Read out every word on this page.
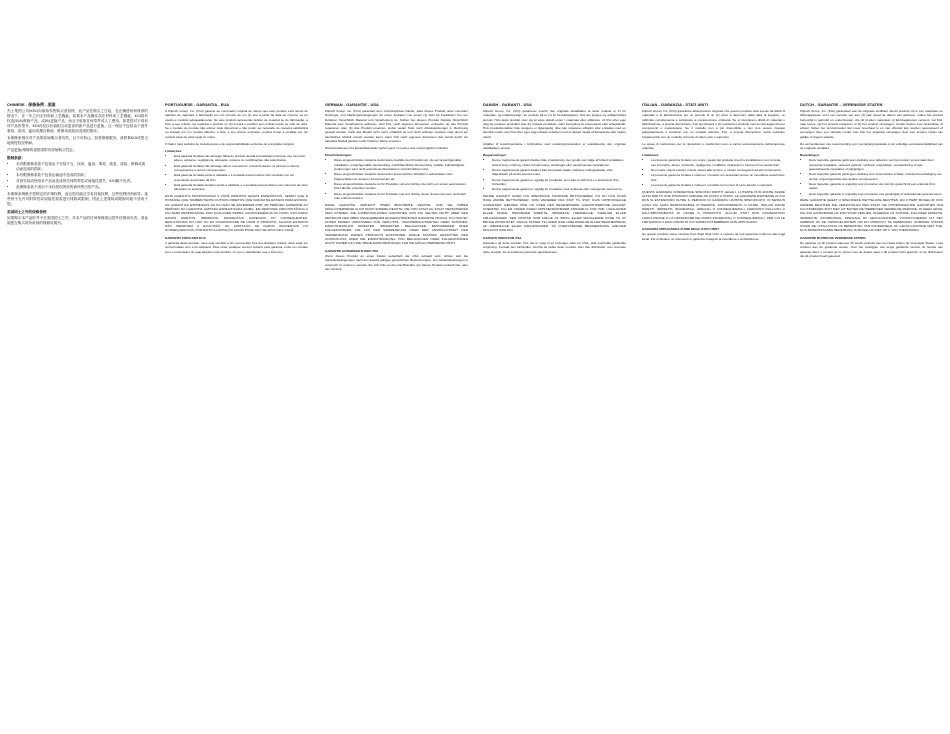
CHINESE - 保修条例 - 美国

杰士集团公司(KGI)向原始零售购买者担保，此产品在购买之日起，在正确使用和保养的情况下，在一年之内无材料和工艺瑕疵。如果本产品确实存在材料或工艺瑕疵，KGI将有权选择(A)维修产品，或(B)更换产品，而且不收取任何零件或人工费用。如果您对不再有该产品的型号，KGI有权以价值相当或更高的新产品进行更换。这一保证不包括由于意外事故、误用、滥用或擅自修改、维修或改装而造成的损坏。

本保修条例仅对产品的原始购买者有效，且不可转让。如需保修服务，请联系KGI或您当地的授权经销商。

产品更换/维修的索赔须附有原始购买凭证。

限制条款：
• 本有限保修条款不包括由于安装不当、误用、滥用、事故、疏忽、改装、维修或改动而造成的损坏。
• 本有限保修条款不包括运输途中造成的损坏。
• 对因安装或使用本产品而造成的任何附带性或间接性损失，KGI概不负责。
• 此保修条款不适用于未经授权的转售商所售出的产品。

本保修条例赋予您特定的法律权利，而且您可能还享有其他权利，这些权利因州而异。某些州不允许对附带性或间接性损害进行排除或限制，因此上述排除或限制可能不适用于您。

美国国土之外的保修条例

如果购买本产品时并不在美国国土之内，对本产品的任何保修将由国外经销商负责。请参阅您在购买时所收到的保修说明书。

PORTUGUESE - GARANTIA - EUA

A Klipsch Group, Inc. (KGI) garante ao comprador original de varejo que este produto está isento de defeitos de materiais e fabricação por um período de um (1) ano a partir da data de compra, se for usado e mantido adequadamente. Se este produto apresentar defeito de material ou de fabricação, a KGI, a seu critério, (a) reparará o produto ou (b) trocará o produto sem cobrar peças ou mão de obra. Se o modelo do produto não estiver mais disponível e não puder ser reparado de maneira satisfatória ou trocado por um modelo idêntico, a KGI, a seu critério exclusivo, poderá trocar a unidade por um modelo atual de valor igual ou maior.

O fiador para pedidos de troca/reparos e de responsabilidade exclusiva do comprador original.

Limitações:
• Esta garantia limitada não abrange falha do produto devida à instalação incorreta, uso incorreto, abuso, acidente, negligência, alteração, reparos ou modificações não autorizados.
• Esta garantia limitada não abrange danos cosméticos, incluindo danos na pintura ou danos consequentes a outros componentes.
• Esta garantia limitada perde a validade e é anulada para produtos não vendidos por um revendedor autorizado da KGI.
• Esta garantia limitada também perde a validade e é anulada para produtos com números de série alterados ou ausentes.

ESTA GARANTIA PROPORCIONA A VOCÊ DIREITOS LEGAIS ESPECÍFICOS, SENDO QUE É POSSÍVEL QUE TAMBÉM TENHA OUTROS DIREITOS QUE VARIAM DE ESTADO PARA ESTADO. AS GARANTIAS EXPRESSAS DA KGI NÃO SE ESTENDEM POR UM PERÍODO SUPERIOR AO PERÍODO DA GARANTIA LIMITADA ESPECIFICADA ACIMA. EM NENHUMA CIRCUNSTÂNCIA A KGI SERÁ RESPONSÁVEL POR QUALQUER PERDA, INCONVENIÊNCIA OU DANO, INCLUINDO DANOS DIRETOS, INDIRETOS, INCIDENTAIS, ESPECIAIS OU CONSEQUENTES, RESULTANTES DO USO OU DA INCAPACIDADE DE USAR O PRODUTO. ALGUNS ESTADOS NÃO PERMITEM A EXCLUSÃO OU LIMITAÇÃO DE DANOS INCIDENTAIS OU CONSEQUENCIAIS, PORTANTO A LIMITAÇÃO ACIMA PODE NÃO SE APLICAR A VOCÊ.

GARANTIA FORA DOS EUA

A garantia deste produto, caso seja vendido a um consumidor fora dos Estados Unidos, deve estar em conformidade com a lei aplicável. Para obter qualquer serviço coberto pela garantia, entre em contato com o revendedor do qual adquiriu este produto, ou com o distribuidor que o forneceu.

GERMAN - GARANTIE - USA

Klipsch Group, Inc. (KGI) garantiert dem ursprünglichen Käufer, dass dieses Produkt unter normalen Nutzungs- und Wartungsbedingungen für einen Zeitraum von einem (1) Jahr ab Kaufdatum frei von Defekten hinsichtlich Material und Verarbeitung ist. Sollten bei diesem Produkt Defekte hinsichtlich Material oder Verarbeitung auftreten, wird KGI, nach eigenem Ermessen, entweder (a) das Produkt reparieren oder (b) das Produkt ersetzen, wobei weder Teile noch Arbeitsleistungen in Rechnung gestellt werden. Falls das Modell nicht mehr erhältlich ist und nicht wirksam repariert oder durch ein identisches Modell ersetzt werden kann, kann KGI nach eigenem Ermessen das Gerät durch ein aktuelles Modell gleichen oder höheren Werts ersetzen.

Rücksendekosten für Ersatz/Reparatur gehen ganz zu Lasten des ursprünglichen Käufers.

Einschränkungen:
• Diese eingeschränkte Garantie deckt keine Ausfälle des Produkts ab, die auf unsachgemäße Installation, unsachgemäße Verwendung, missbräuchliche Verwendung, Unfälle, Fahrlässigkeit, Änderungen oder nicht autorisierte Reparaturen zurückzuführen sind.
• Diese eingeschränkte Garantie deckt keine kosmetischen Schäden, Lackschäden oder Folgeschäden an anderen Komponenten ab.
• Diese eingeschränkte Garantie ist für Produkte null und nichtig, die nicht von einem autorisierten KGI-Händler erworben wurden.
• Diese eingeschränkte Garantie ist für Produkte null und nichtig, deren Seriennummern verändert oder entfernt wurden.

DIESE GARANTIE VERLEIHT IHNEN BESTIMMTE RECHTE, UND SIE HABEN MÖGLICHERWEISE AUCH NOCH ANDERE RECHTE, DIE VON STAAT ZU STAAT VERSCHIEDEN SEIN KÖNNEN. DIE AUSDRÜCKLICHEN GARANTIEN VON KGI GELTEN NICHT ÜBER DEN ZEITRAUM DER OBEN ANGEGEBENEN EINGESCHRÄNKTEN GARANTIE HINAUS. KGI HAFTET UNTER KEINEN UMSTÄNDEN FÜR VERLUSTE, UNANNEHMLICHKEITEN ODER SCHÄDEN, EINSCHLIESSLICH DIREKTER, INDIREKTER, BEILÄUFIGER, BESONDERER ODER FOLGESCHÄDEN, DIE AUS DER VERWENDUNG ODER DER UNMÖGLICHKEIT DER VERWENDUNG DIESES PRODUKTS ENTSTEHEN. EINIGE STAATEN GESTATTEN DEN AUSSCHLUSS ODER DIE EINSCHRÄNKUNG VON BEILÄUFIGEN ODER FOLGESCHÄDEN NICHT, DAHER GILT DIE OBIGE EINSCHRÄNKUNG FÜR SIE MÖGLICHERWEISE NICHT.

GARANTIE AUSSERHALB DER USA

Wenn dieses Produkt an einen Käufer außerhalb der USA verkauft wird, richten sich die Garantiebedingungen nach den jeweils gültigen gesetzlichen Bestimmungen. Um Garantieleistungen in Anspruch zu nehmen, wenden Sie sich bitte an den Fachhändler, der dieses Produkt verkauft hat, oder den Vertrieb.

DANISH - GARANTI - USA

Klipsch Group, Inc. (KGI) garanterer overfor den originale detailkøber at dette produkt er fri for materiale- og udførelsesfejl i en periode på et (1) år fra købsdatoen, hvis det bruges og vedligeholdes korrekt. Hvis dette produkt viser sig at være defekt enten i materiale eller udførelse, vil KGI efter eget valg (a) reparere produktet eller (b) erstatte produktet, uden beregning for reservedele eller arbejdskraft. Hvis produktmodellen ikke længere er tilgængelig, ikke kan repareres effektivt eller erstattes med en identisk model, kan KGI efter eget valg erstatte enheden med en aktuel model af tilsvarende eller højere værdi.

Udgifter til returforsendelse i forbindelse med erstatning/reparation er udelukkende den originale detailkøbers ansvar.

Begrænsninger:
• Denne begrænsede garanti dækker ikke produktsvigt, der opstår som følge af forkert installation, forkert brug, misbrug, uheld, forsømmelse, ændringer eller uautoriserede reparationer.
• Denne begrænsede garanti dækker ikke kosmetisk skade, inklusive malingsskader, eller følgeskader på andre komponenter.
• Denne begrænsede garanti er ugyldig for produkter, som ikke er købt hos en autoriseret KGI-forhandler.
• Denne begrænsede garanti er ugyldig for produkter med ændrede eller manglende serienumre.

DENNE GARANTI GIVER DIG SPECIFIKKE JURIDISKE RETTIGHEDER, OG DU KAN OGSÅ HAVE ANDRE RETTIGHEDER, SOM VARIERER FRA STAT TIL STAT. KGIS UDTRYKKELIGE GARANTIER GÆLDER IKKE UD OVER DEN BEGRÆNSEDE GARANTIPERIODE ANGIVET OVENFOR. KGI ER UNDER INGEN OMSTÆNDIGHEDER ANSVARLIG FOR TAB, ULEJLIGHED ELLER SKADE, HERUNDER DIREKTE, INDIREKTE, HÆNDELIGE, SÆRLIGE ELLER FØLGESKADER, DER OPSTÅR SOM FØLGE AF BRUG ELLER MANGLENDE EVNE TIL AT BRUGE PRODUKTET. NOGLE STATER TILLADER IKKE UDELUKKELSE ELLER BEGRÆNSNING AF HÆNDELIGE ELLER FØLGESKADER, SÅ OVENSTÅENDE BEGRÆNSNING GÆLDER MULIGVIS IKKE DIG.

GARANTI UDEN FOR USA

Garantien på dette produkt, hvis det er solgt til en forbruger uden for USA, skal overholde gældende lovgivning. Kontakt den forhandler, hvorfra du købte dette produkt, eller den distributør, som leverede dette produkt, for at indhente passende garantiservice.

ITALIAN - GARANZIA - STATI UNITI

Klipsch Group, Inc. (KGI) garantisce all'acquirente originale che questo prodotto sarà esente da difetti di materiale e di fabbricazione per un periodo di un (1) anno a decorrere dalla data di acquisto, se utilizzato correttamente e sottoposto a manutenzione ordinaria. Se si riscontrano difetti di materiali o fabbricazione, a propria discrezione, KGI (a) riparerà o (b) sostituirà il prodotto senza costi aggiuntivi per componenti o manodopera. Se il modello non è più disponibile e non può essere riparato adeguatamente o sostituito con un modello identico, KGI, a propria discrezione, potrà sostituire l'apparecchio con un modello corrente di valore pari o superiore.

Le spese di restituzione per le riparazioni o sostituzioni sono a carico esclusivamente dell'acquirente originale.

Limitazioni:
• La presente garanzia limitata non copre i guasti del prodotto dovuti a installazione non corretta, uso improprio, abuso, incidente, negligenza, modifiche, riparazioni o interventi non autorizzati.
• Non copre i danni estetici, inclusi i danni alla vernice, o i danni conseguenti ad altri componenti.
• La presente garanzia limitata è nulla per i prodotti non acquistati presso un rivenditore autorizzato KGI.
• La presente garanzia limitata è nulla per i prodotti con numeri di serie alterati o mancanti.

QUESTA GARANZIA CONFERISCE SPECIFICI DIRITTI LEGALI, L'UTENTE PUÒ ANCHE AVERE ALTRI DIRITTI CHE POSSONO VARIARE DA STATO A STATO. LE GARANZIE ESPRESSE DI KGI NON SI ESTENDONO OLTRE IL PERIODO DI GARANZIA LIMITATA SPECIFICATO. IN NESSUN CASO KGI SARÀ RESPONSABILE DI PERDITE, INCONVENIENTI O DANNI, INCLUSI DANNI DIRETTI, INDIRETTI, INCIDENTALI, SPECIALI O CONSEQUENZIALI, DERIVANTI DALL'USO O DALL'IMPOSSIBILITÀ DI USARE IL PRODOTTO. ALCUNI STATI NON CONSENTONO L'ESCLUSIONE O LA LIMITAZIONE DEI DANNI INCIDENTALI O CONSEQUENZIALI, PER CUI LE LIMITAZIONI O ESCLUSIONI DI CUI SOPRA POTREBBERO NON APPLICARSI.

GARANZIA APPLICABILE FUORI DEGLI STATI UNITI

Se questo prodotto viene venduto fuori dagli Stati Uniti, è coperto da una garanzia conforme alle leggi locali. Per richiedere un intervento in garanzia rivolgersi al rivenditore o al distributore.

DUTCH - GARANTIE – VERENIGDE STATEN

Klipsch Group, Inc. (KGI) garandeert aan de originele eindklant dat dit product vrij is van materiaal- en fabricagefouten voor een periode van één (1) jaar vanaf de datum van aankoop, indien het product behoorlijk is gebruikt en onderhouden. Als dit product materiaal- of fabricagefouten vertoont, zal KGI, naar keuze, (a) het product repareren of (b) het product vervangen, zonder kosten voor onderdelen of arbeid. Indien het productmodel niet meer leverbaar is en niet effectief kan worden gerepareerd of vervangen door een identiek model, kan KGI het apparaat vervangen door een actueel model van gelijke of hogere waarde.

De verzendkosten van retourzending voor vervanging/reparatie is de volledige verantwoordelijkheid van de originele eindklant.

Beperkingen:
• Deze beperkte garantie geldt geen dekking voor defecten van het product veroorzaakt door verkeerde installatie, verkeerd gebruik, misbruik, ongelukken, verwaarlozing of niet-geautoriseerde reparaties of wijzigingen.
• Deze beperkte garantie geldt geen dekking voor cosmetische schade, inclusief beschadiging van de lak, of gevolgschade aan andere componenten.
• Deze beperkte garantie is ongeldig voor producten die niet zijn gekocht bij een erkende KGI-dealer.
• Deze beperkte garantie is ongeldig voor producten met gewijzigde of ontbrekende serienummers.

DEZE GARANTIE GEEFT U SPECIFIEKE WETTELIJKE RECHTEN, EN U HEBT MOGELIJK OOK ANDERE RECHTEN DIE VERSCHILLEN PER STAAT. DE UITDRUKKELIJKE GARANTIES VAN KGI STREKKEN ZICH NIET UIT BUITEN DE HIERBOVEN VERMELDE PERIODE. IN GEEN GEVAL ZAL KGI AANSPRAKELIJK ZIJN VOOR VERLIES, ONGEMAK OF SCHADE, INCLUSIEF DIRECTE, INDIRECTE, INCIDENTELE, SPECIALE OF GEVOLGSCHADE, VOORTVLOEIEND UIT HET GEBRUIK OF DE ONMOGELIJKHEID OM DIT PRODUCT TE GEBRUIKEN. SOMMIGE STATEN STAAN DE UITSLUITING OF BEPERKING VAN INCIDENTELE OF GEVOLGSCHADE NIET TOE, DUS BOVENSTAANDE BEPERKING IS MOGELIJK NIET OP U VAN TOEPASSING.

GARANTIE BUITEN DE VERENIGDE STATEN

De garantie op dit product wanneer dit wordt verkocht aan een klant buiten de Verenigde Staten, moet voldoen aan de geldende wetten. Voor het verkrijgen van enige geldende service uit hoofde van garantie dient u contact op te nemen met de dealer waar u dit product hebt gekocht, of de distributeur die dit product heeft geleverd.
